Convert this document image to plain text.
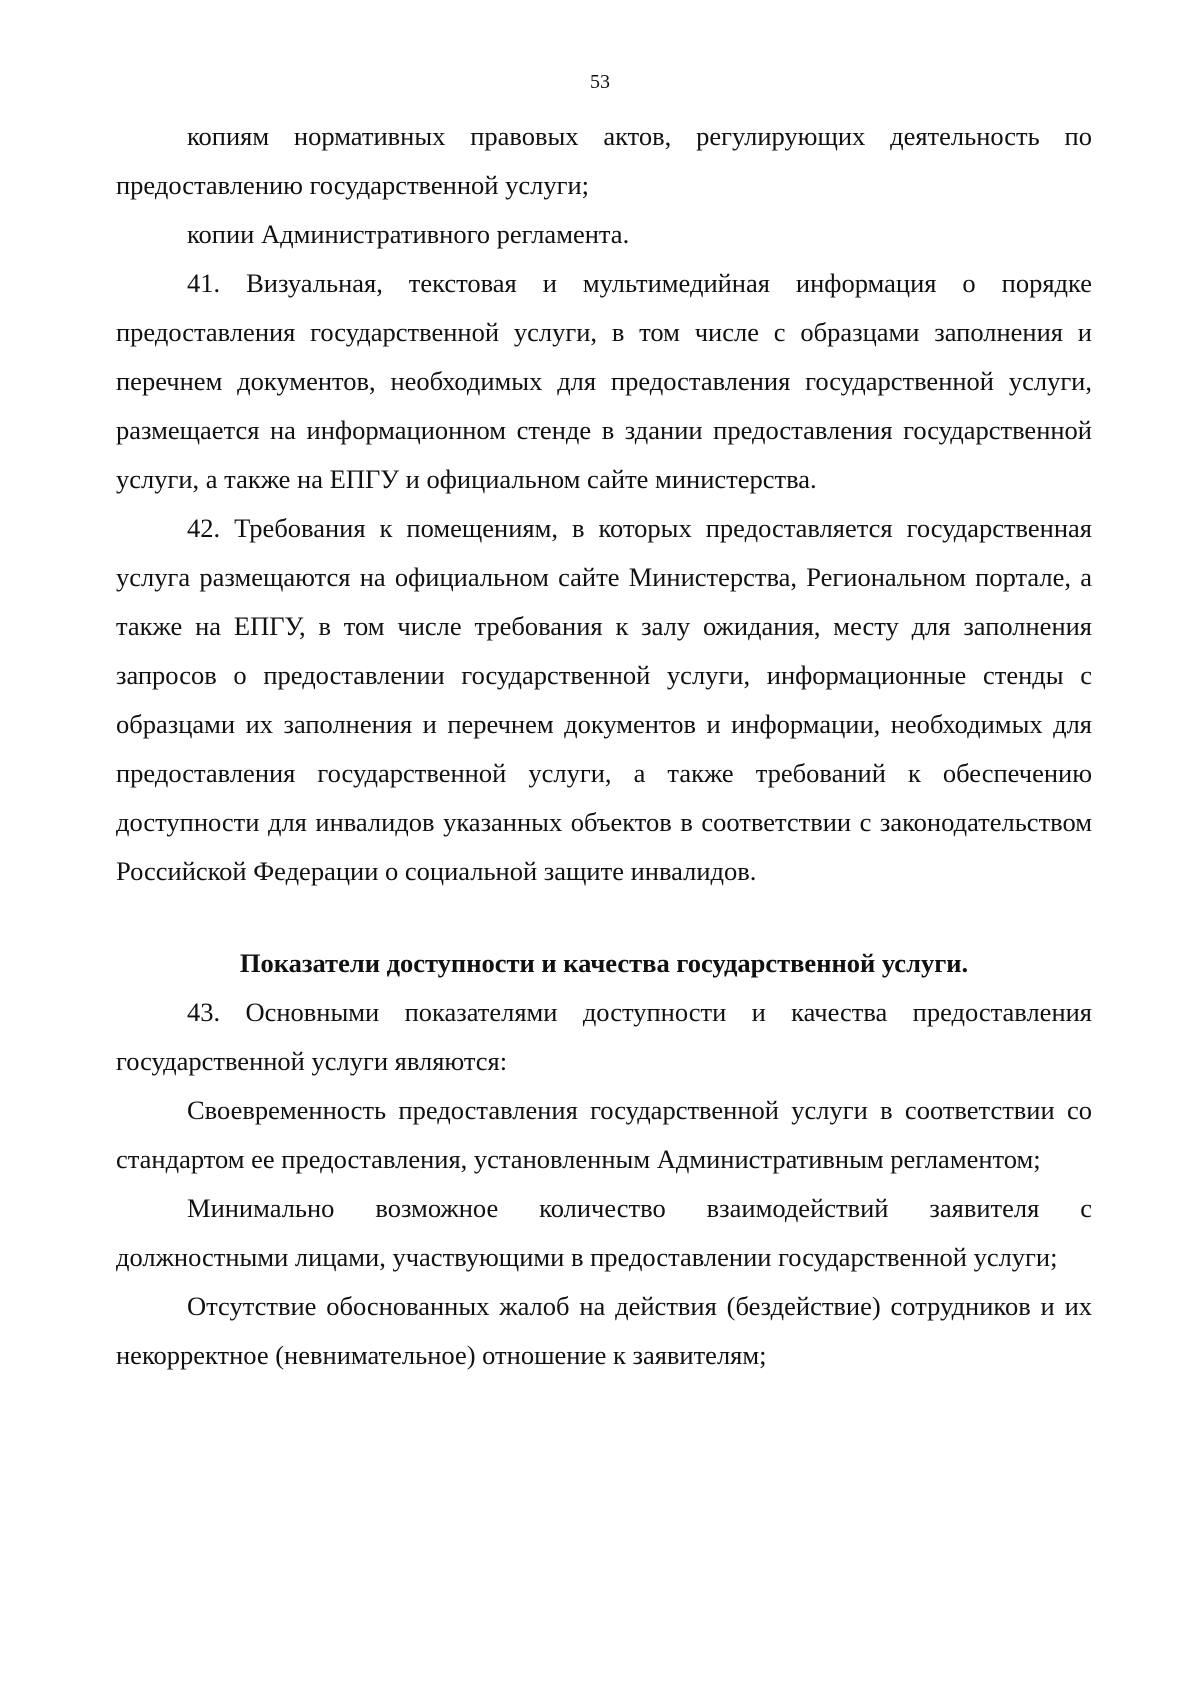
53

копиям нормативных правовых актов, регулирующих деятельность по предоставлению государственной услуги;

копии Административного регламента.

41. Визуальная, текстовая и мультимедийная информация о порядке предоставления государственной услуги, в том числе с образцами заполнения и перечнем документов, необходимых для предоставления государственной услуги, размещается на информационном стенде в здании предоставления государственной услуги, а также на ЕПГУ и официальном сайте министерства.

42. Требования к помещениям, в которых предоставляется государственная услуга размещаются на официальном сайте Министерства, Региональном портале, а также на ЕПГУ, в том числе требования к залу ожидания, месту для заполнения запросов о предоставлении государственной услуги, информационные стенды с образцами их заполнения и перечнем документов и информации, необходимых для предоставления государственной услуги, а также требований к обеспечению доступности для инвалидов указанных объектов в соответствии с законодательством Российской Федерации о социальной защите инвалидов.

Показатели доступности и качества государственной услуги.

43. Основными показателями доступности и качества предоставления государственной услуги являются:

Своевременность предоставления государственной услуги в соответствии со стандартом ее предоставления, установленным Административным регламентом;

Минимально возможное количество взаимодействий заявителя с должностными лицами, участвующими в предоставлении государственной услуги;

Отсутствие обоснованных жалоб на действия (бездействие) сотрудников и их некорректное (невнимательное) отношение к заявителям;
